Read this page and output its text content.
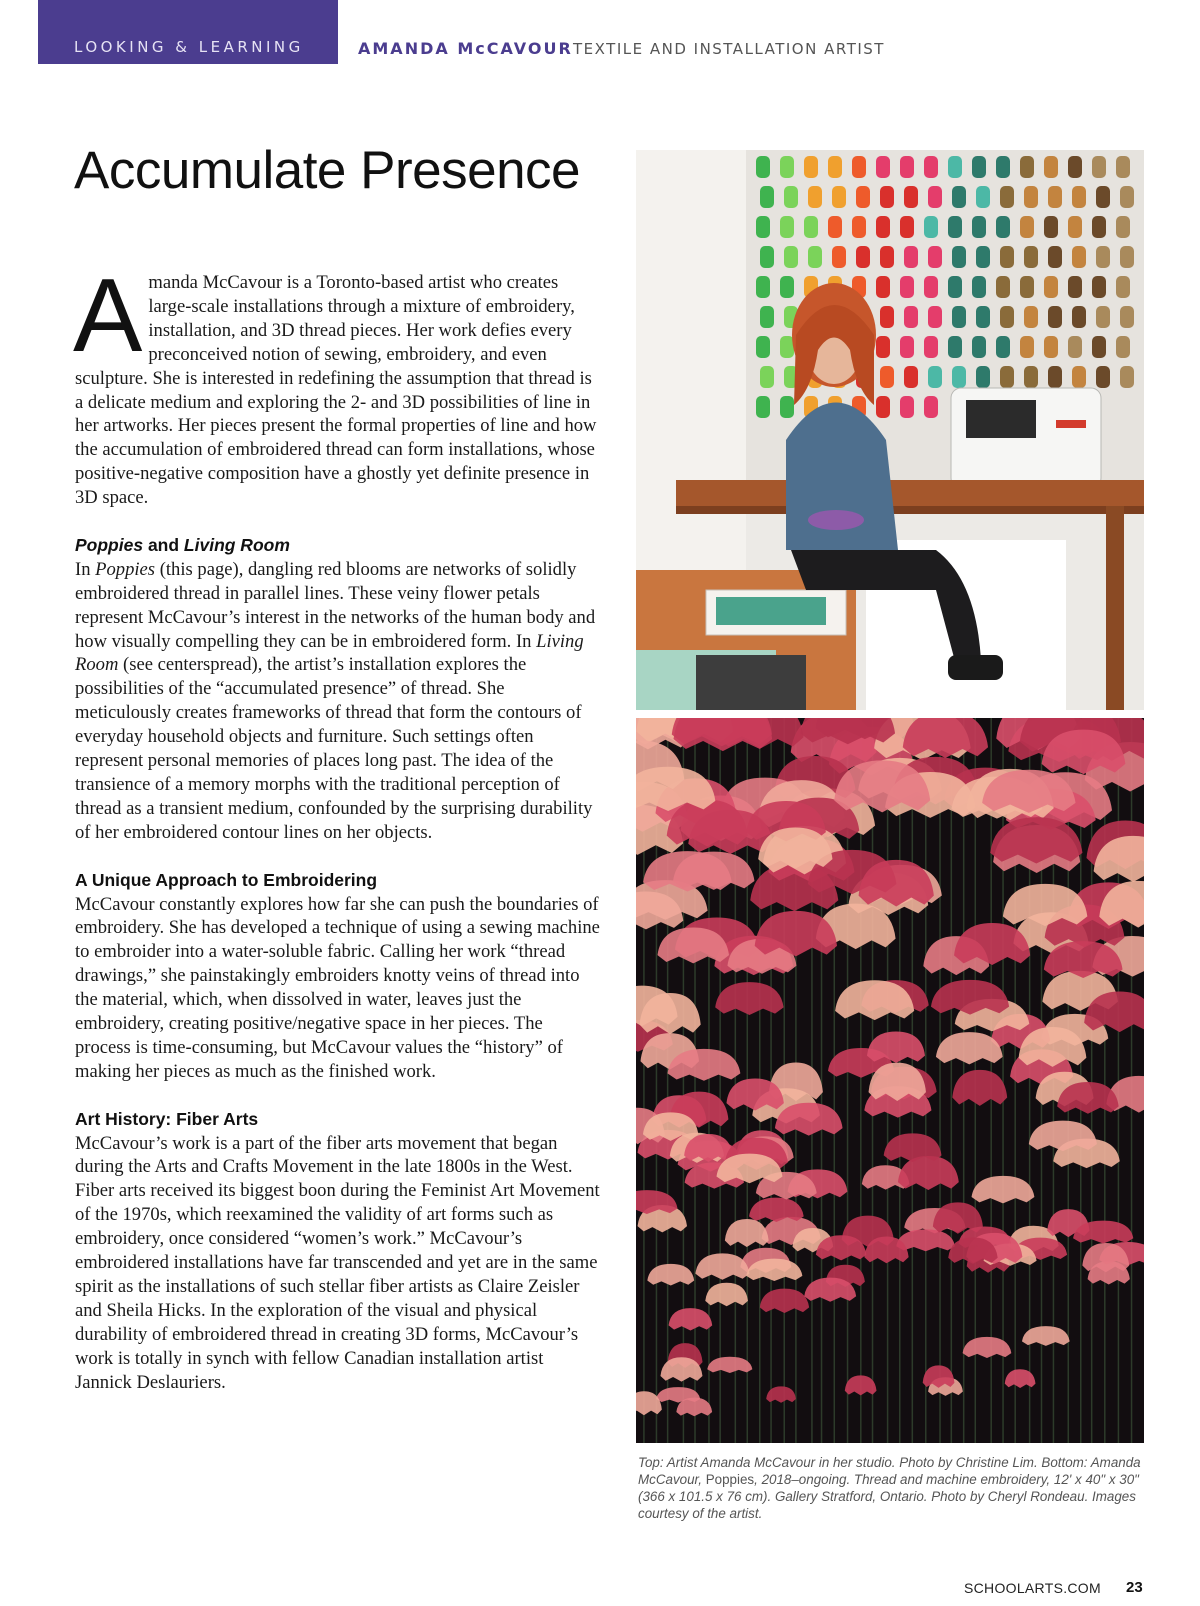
LOOKING & LEARNING	AMANDA McCAVOUR TEXTILE AND INSTALLATION ARTIST
Accumulate Presence

Amanda McCavour is a Toronto-based artist who creates large-scale installations through a mixture of embroidery, installation, and 3D thread pieces. Her work defies every preconceived notion of sewing, embroidery, and even sculpture. She is interested in redefining the assumption that thread is a delicate medium and exploring the 2- and 3D possibilities of line in her artworks. Her pieces present the formal properties of line and how the accumulation of embroidered thread can form installations, whose positive-negative composition have a ghostly yet definite presence in 3D space.

Poppies and Living Room

In Poppies (this page), dangling red blooms are networks of solidly embroidered thread in parallel lines. These veiny flower petals represent McCavour’s interest in the networks of the human body and how visually compelling they can be in embroidered form. In Living Room (see centerspread), the artist’s installation explores the possibilities of the “accumulated presence” of thread. She meticulously creates frameworks of thread that form the contours of everyday household objects and furniture. Such settings often represent personal memories of places long past. The idea of the transience of a memory morphs with the traditional perception of thread as a transient medium, confounded by the surprising durability of her embroidered contour lines on her objects.

A Unique Approach to Embroidering

McCavour constantly explores how far she can push the boundaries of embroidery. She has developed a technique of using a sewing machine to embroider into a water-soluble fabric. Calling her work “thread drawings,” she painstakingly embroiders knotty veins of thread into the material, which, when dissolved in water, leaves just the embroidery, creating positive/negative space in her pieces. The process is time-consuming, but McCavour values the “history” of making her pieces as much as the finished work.

Art History: Fiber Arts

McCavour’s work is a part of the fiber arts movement that began during the Arts and Crafts Movement in the late 1800s in the West. Fiber arts received its biggest boon during the Feminist Art Movement of the 1970s, which reexamined the validity of art forms such as embroidery, once considered “women’s work.” McCavour’s embroidered installations have far transcended and yet are in the same spirit as the installations of such stellar fiber artists as Claire Zeisler and Sheila Hicks. In the exploration of the visual and physical durability of embroidered thread in creating 3D forms, McCavour’s work is totally in synch with fellow Canadian installation artist Jannick Deslauriers.

Top: Artist Amanda McCavour in her studio. Photo by Christine Lim. Bottom: Amanda McCavour, Poppies, 2018–ongoing. Thread and machine embroidery, 12' x 40" x 30" (366 x 101.5 x 76 cm). Gallery Stratford, Ontario. Photo by Cheryl Rondeau. Images courtesy of the artist.
SCHOOLARTS.COM 23
